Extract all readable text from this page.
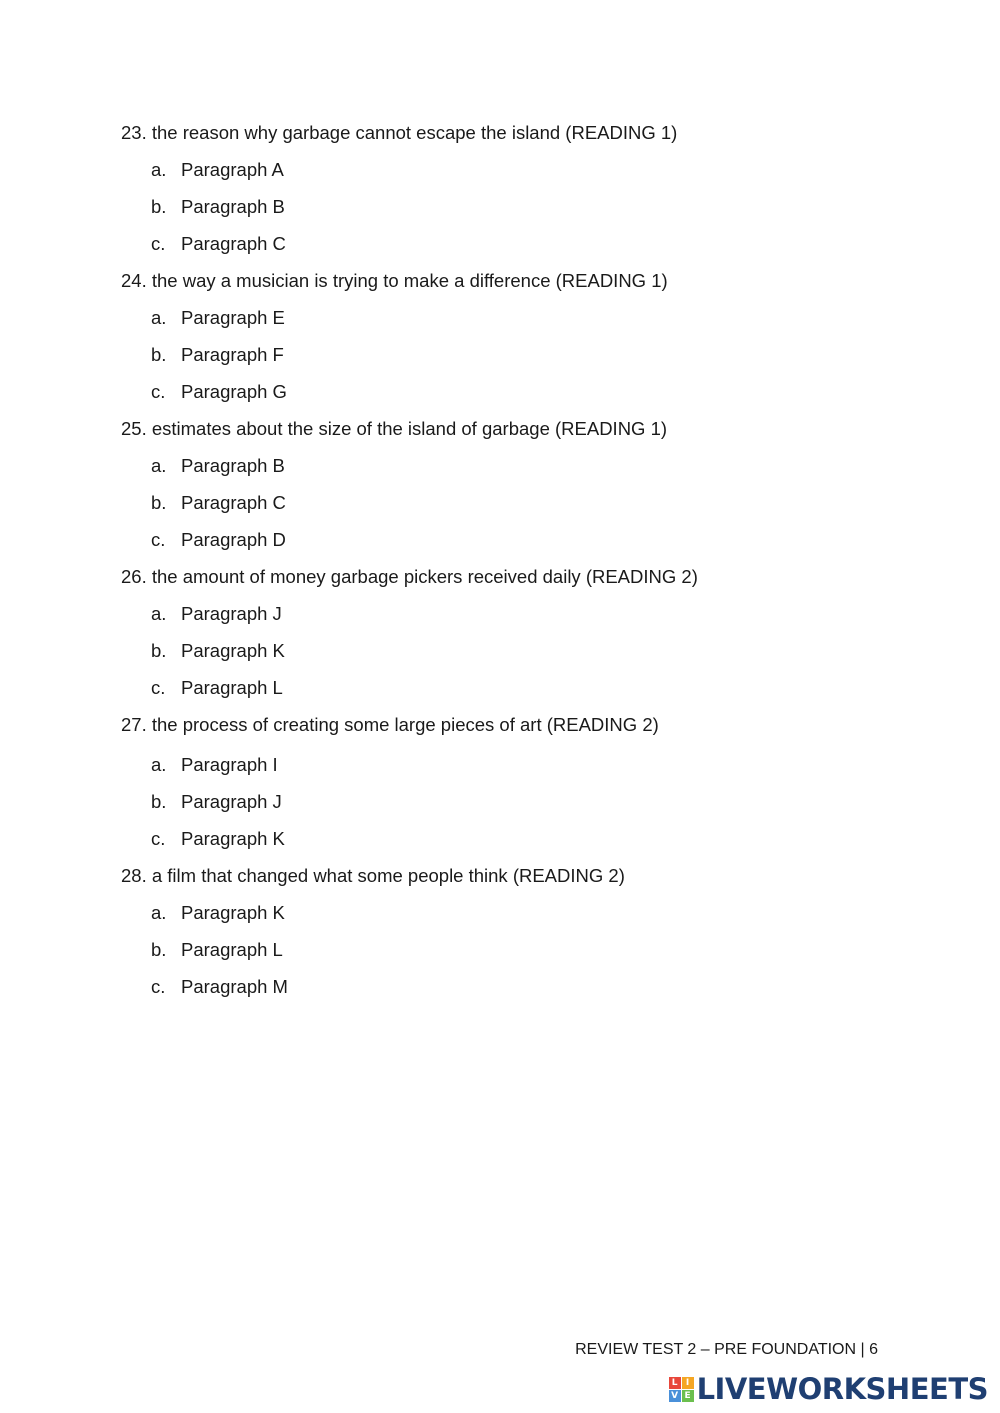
23. the reason why garbage cannot escape the island (READING 1)
a. Paragraph A
b. Paragraph B
c. Paragraph C
24. the way a musician is trying to make a difference (READING 1)
a. Paragraph E
b. Paragraph F
c. Paragraph G
25. estimates about the size of the island of garbage (READING 1)
a. Paragraph B
b. Paragraph C
c. Paragraph D
26. the amount of money garbage pickers received daily (READING 2)
a. Paragraph J
b. Paragraph K
c. Paragraph L
27. the process of creating some large pieces of art (READING 2)
a. Paragraph I
b. Paragraph J
c. Paragraph K
28. a film that changed what some people think (READING 2)
a. Paragraph K
b. Paragraph L
c. Paragraph M
REVIEW TEST 2 – PRE FOUNDATION | 6
L I
V E LIVEWORKSHEETS
